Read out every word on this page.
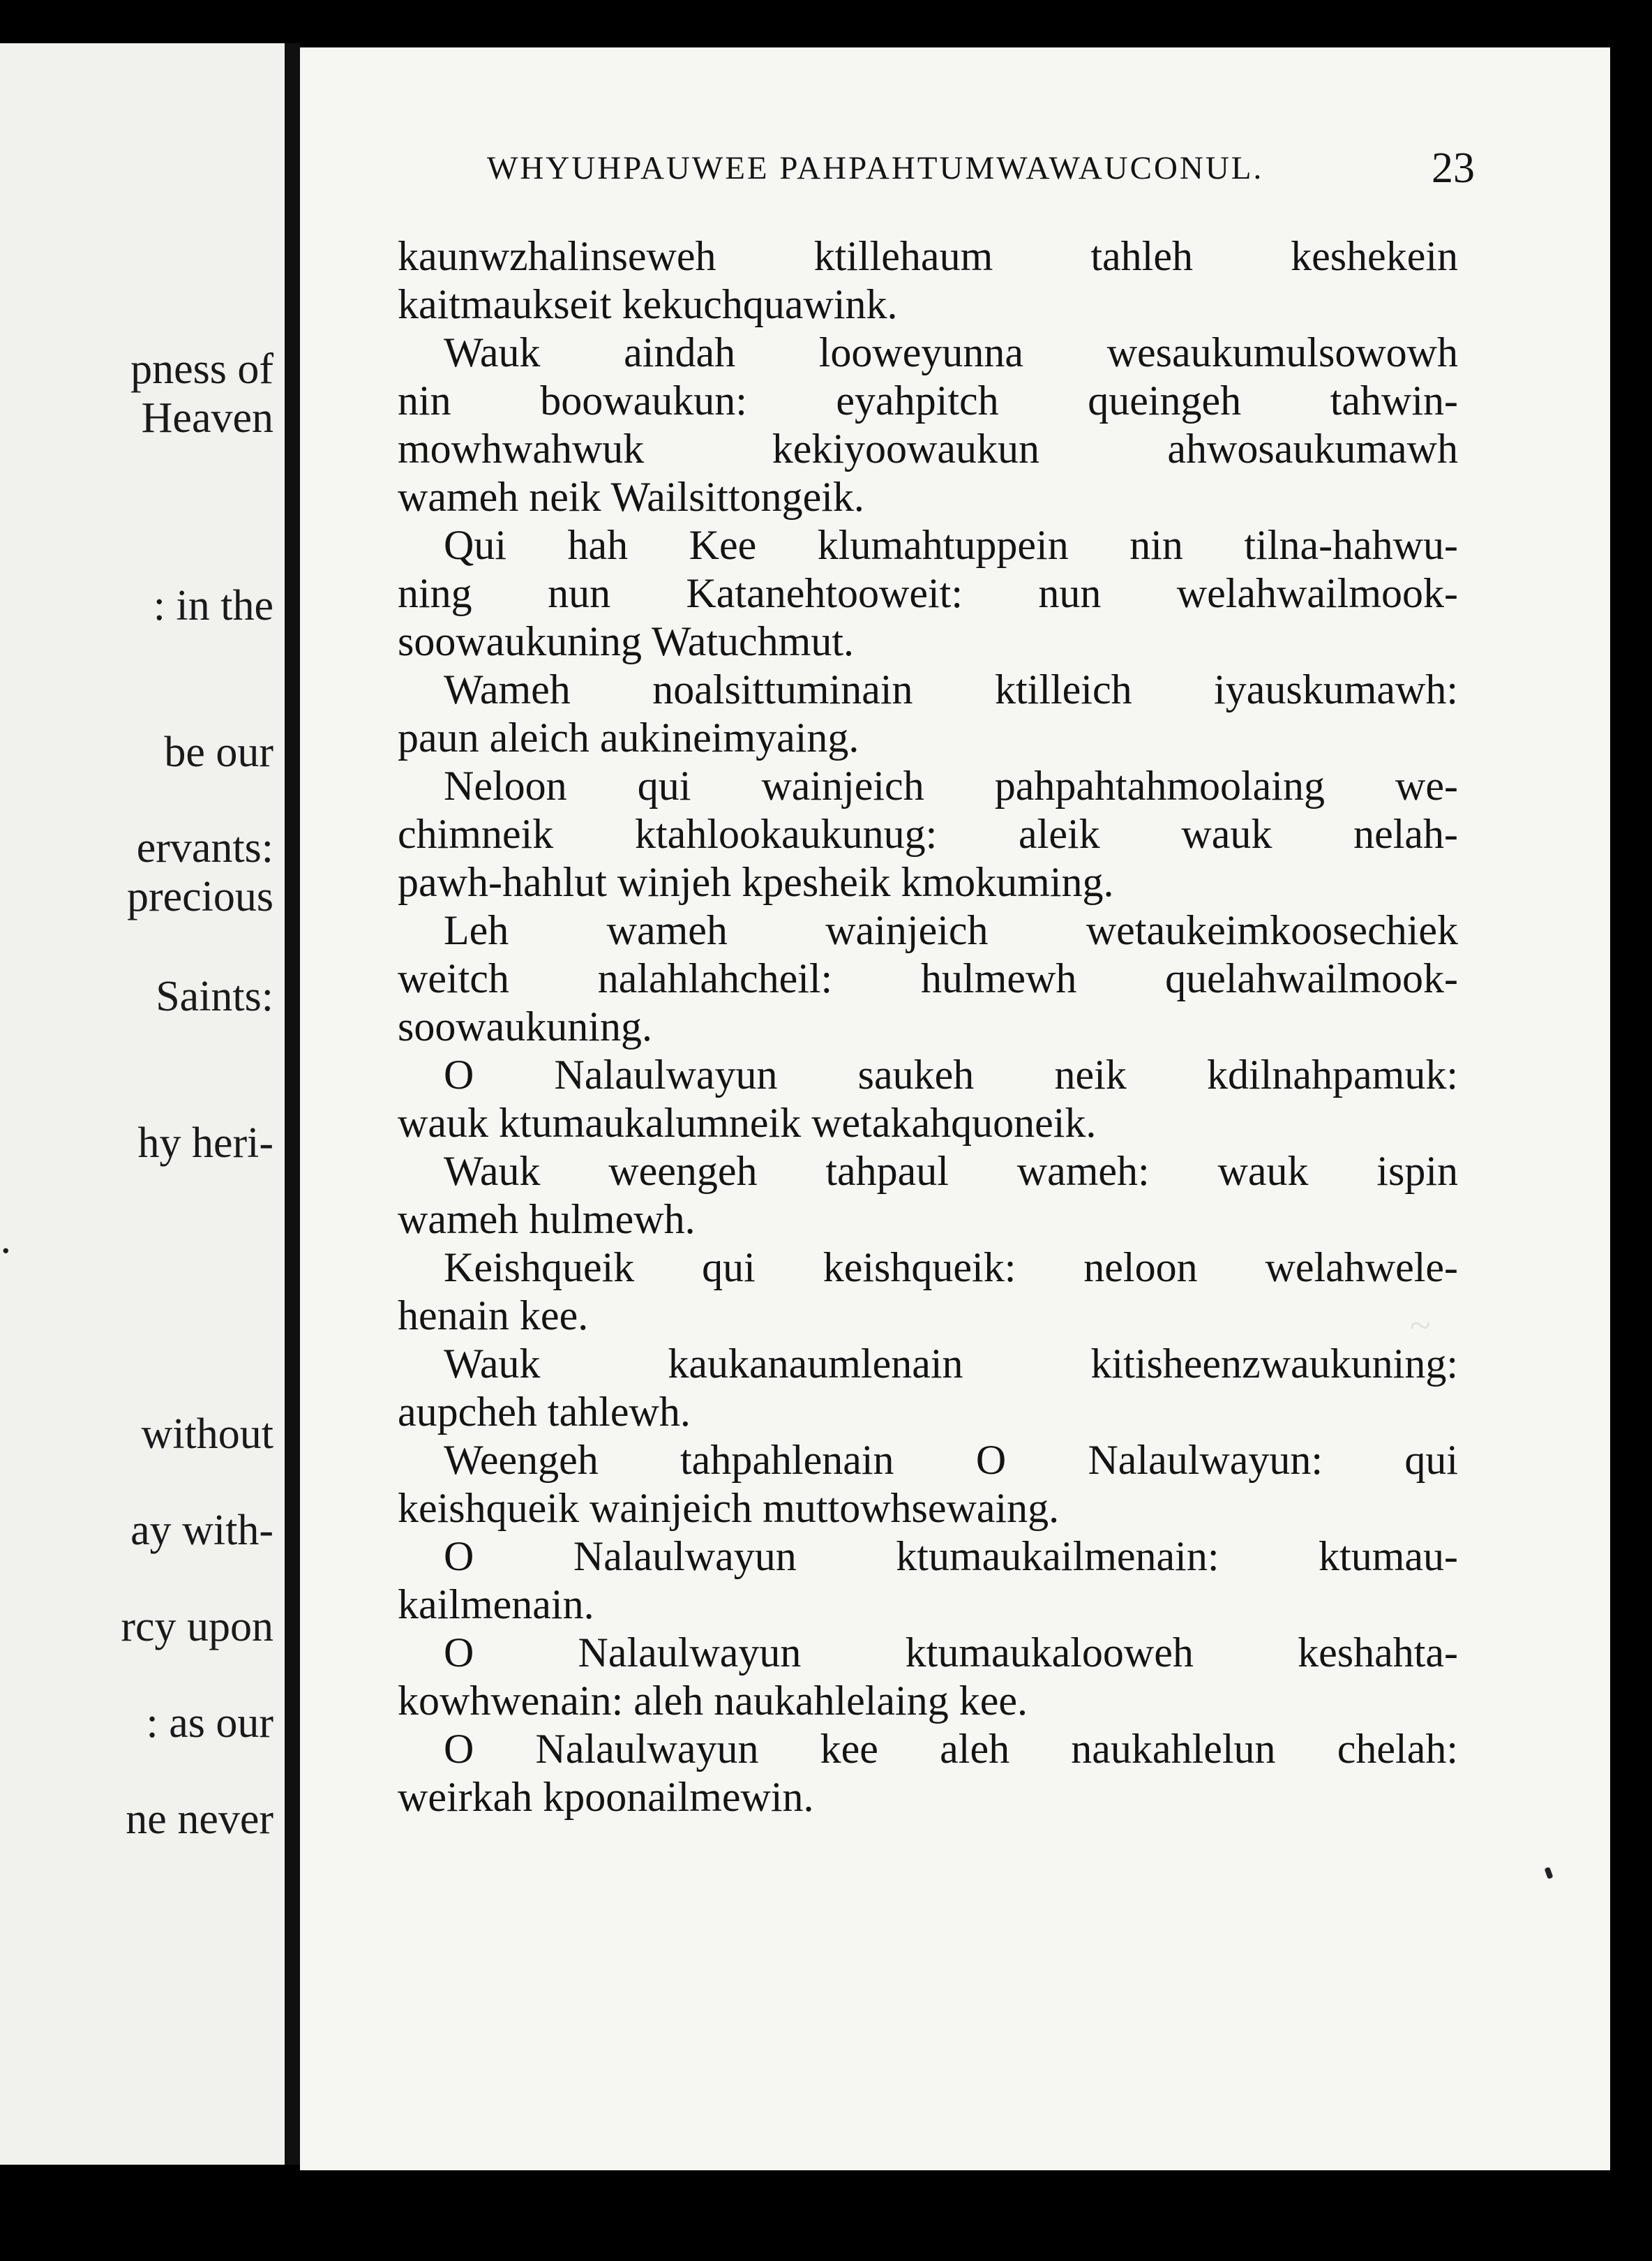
pness of
Heaven
: in the
be our
ervants:
precious
Saints:
hy heri-
.
without
ay with-
rcy upon
: as our
ne never
~
WHYUHPAUWEE PAHPAHTUMWAWAUCONUL.	23
kaunwzhalinseweh ktillehaum tahleh keshekein
kaitmaukseit kekuchquawink.
Wauk aindah looweyunna wesaukumulsowowh
nin boowaukun: eyahpitch queingeh tahwin-
mowhwahwuk kekiyoowaukun ahwosaukumawh
wameh neik Wailsittongeik.
Qui hah Kee klumahtuppein nin tilna-hahwu-
ning nun Katanehtooweit: nun welahwailmook-
soowaukuning Watuchmut.
Wameh noalsittuminain ktilleich iyauskumawh:
paun aleich aukineimyaing.
Neloon qui wainjeich pahpahtahmoolaing we-
chimneik ktahlookaukunug: aleik wauk nelah-
pawh-hahlut winjeh kpesheik kmokuming.
Leh wameh wainjeich wetaukeimkoosechiek
weitch nalahlahcheil: hulmewh quelahwailmook-
soowaukuning.
O Nalaulwayun saukeh neik kdilnahpamuk:
wauk ktumaukalumneik wetakahquoneik.
Wauk weengeh tahpaul wameh: wauk ispin
wameh hulmewh.
Keishqueik qui keishqueik: neloon welahwele-
henain kee.
Wauk kaukanaumlenain kitisheenzwaukuning:
aupcheh tahlewh.
Weengeh tahpahlenain O Nalaulwayun: qui
keishqueik wainjeich muttowhsewaing.
O Nalaulwayun ktumaukailmenain: ktumau-
kailmenain.
O Nalaulwayun ktumaukalooweh keshahta-
kowhwenain: aleh naukahlelaing kee.
O Nalaulwayun kee aleh naukahlelun chelah:
weirkah kpoonailmewin.
